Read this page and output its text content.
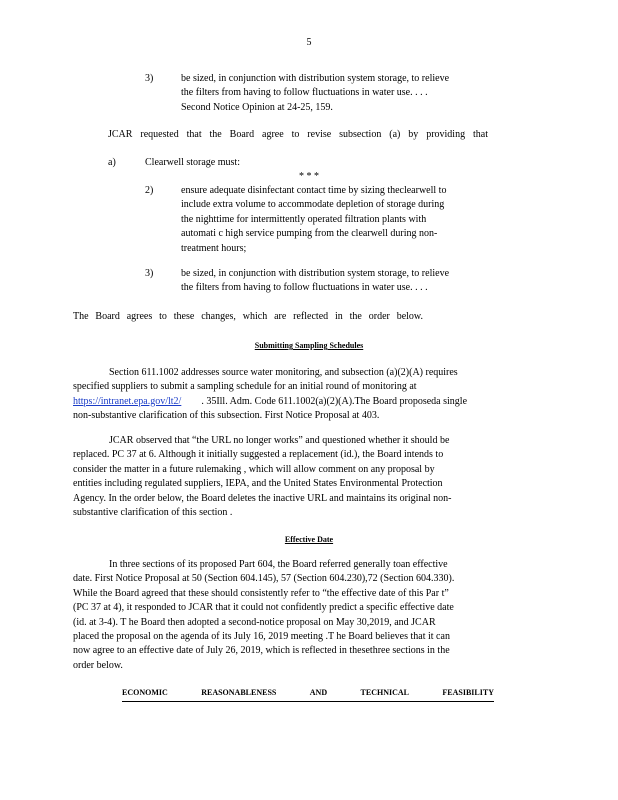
5
3)	be sized, in conjunction with distribution system storage, to relieve
the filters from having to follow fluctuations in water use. . . .
Second Notice Opinion at 24-25, 159.
JCAR requested that the Board agree to revise subsection (a) by providing that
a)	Clearwell storage must:
* * *
2)	ensure adequate disinfectant contact time by sizing theclearwell to
include extra volume to accommodate depletion of storage during
the nighttime for intermittently operated filtration plants with
automati c high service pumping from the clearwell during non-
treatment hours;
3)	be sized, in conjunction with distribution system storage, to relieve
the filters from having to follow fluctuations in water use. . . .
The Board agrees to these changes, which are reflected in the order below.
Submitting Sampling Schedules
Section 611.1002 addresses source water monitoring, and subsection (a)(2)(A) requires
specified suppliers to submit a sampling schedule for an initial round of monitoring at
https://intranet.epa.gov/lt2/ . 35Ill. Adm. Code 611.1002(a)(2)(A).The Board proposeda single
non-substantive clarification of this subsection. First Notice Proposal at 403.
JCAR observed that “the URL no longer works” and questioned whether it should be
replaced. PC 37 at 6. Although it initially suggested a replacement (id.), the Board intends to
consider the matter in a future rulemaking , which will allow comment on any proposal by
entities including regulated suppliers, IEPA, and the United States Environmental Protection
Agency. In the order below, the Board deletes the inactive URL and maintains its original non-
substantive clarification of this section .
Effective Date
In three sections of its proposed Part 604, the Board referred generally toan effective
date. First Notice Proposal at 50 (Section 604.145), 57 (Section 604.230),72 (Section 604.330).
While the Board agreed that these should consistently refer to “the effective date of this Par t”
(PC 37 at 4), it responded to JCAR that it could not confidently predict a specific effective date
(id. at 3-4). T he Board then adopted a second-notice proposal on May 30,2019, and JCAR
placed the proposal on the agenda of its July 16, 2019 meeting .T he Board believes that it can
now agree to an effective date of July 26, 2019, which is reflected in thesethree sections in the
order below.
ECONOMIC	REASONABLENESS	AND	TECHNICAL	FEASIBILITY
